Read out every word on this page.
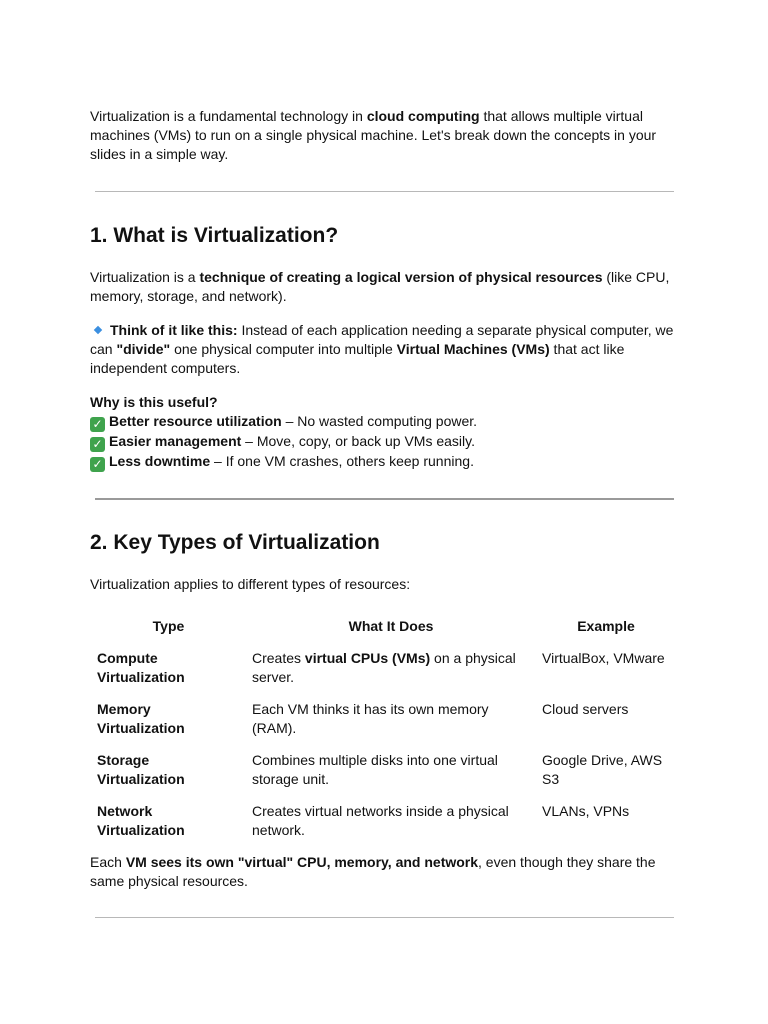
Virtualization is a fundamental technology in cloud computing that allows multiple virtual machines (VMs) to run on a single physical machine. Let's break down the concepts in your slides in a simple way.

1. What is Virtualization?

Virtualization is a technique of creating a logical version of physical resources (like CPU, memory, storage, and network).

Think of it like this: Instead of each application needing a separate physical computer, we can "divide" one physical computer into multiple Virtual Machines (VMs) that act like independent computers.

Why is this useful?
✓ Better resource utilization – No wasted computing power.
✓ Easier management – Move, copy, or back up VMs easily.
✓ Less downtime – If one VM crashes, others keep running.
2. Key Types of Virtualization

Virtualization applies to different types of resources:

Type	What It Does	Example
Compute Virtualization	Creates virtual CPUs (VMs) on a physical server.	VirtualBox, VMware
Memory Virtualization	Each VM thinks it has its own memory (RAM).	Cloud servers
Storage Virtualization	Combines multiple disks into one virtual storage unit.	Google Drive, AWS S3
Network Virtualization	Creates virtual networks inside a physical network.	VLANs, VPNs

Each VM sees its own "virtual" CPU, memory, and network, even though they share the same physical resources.
